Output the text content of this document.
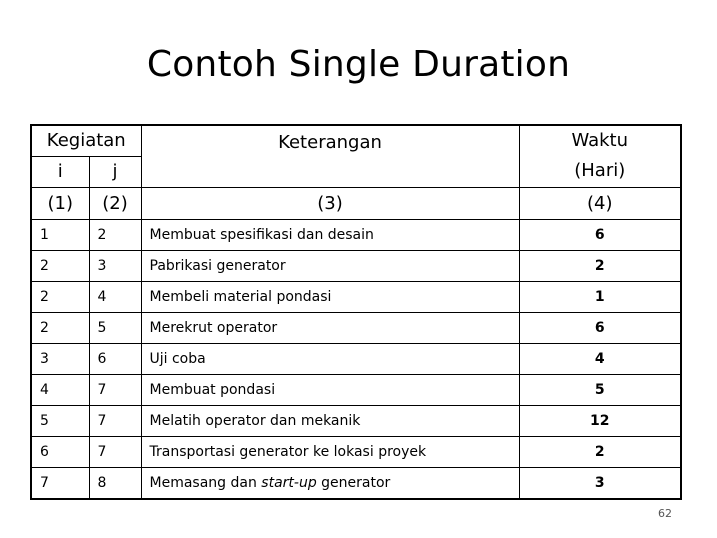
Contoh Single Duration
Kegiatan		Keterangan	Waktu
(Hari)

i	j		
(1)	(2)	(3)	(4)
1	2	Membuat spesifikasi dan desain	6
2	3	Pabrikasi generator	2
2	4	Membeli material pondasi	1
2	5	Merekrut operator	6
3	6	Uji coba	4
4	7	Membuat pondasi	5
5	7	Melatih operator dan mekanik	12
6	7	Transportasi generator ke lokasi proyek	2
7	8	Memasang dan start-up generator	3
62
